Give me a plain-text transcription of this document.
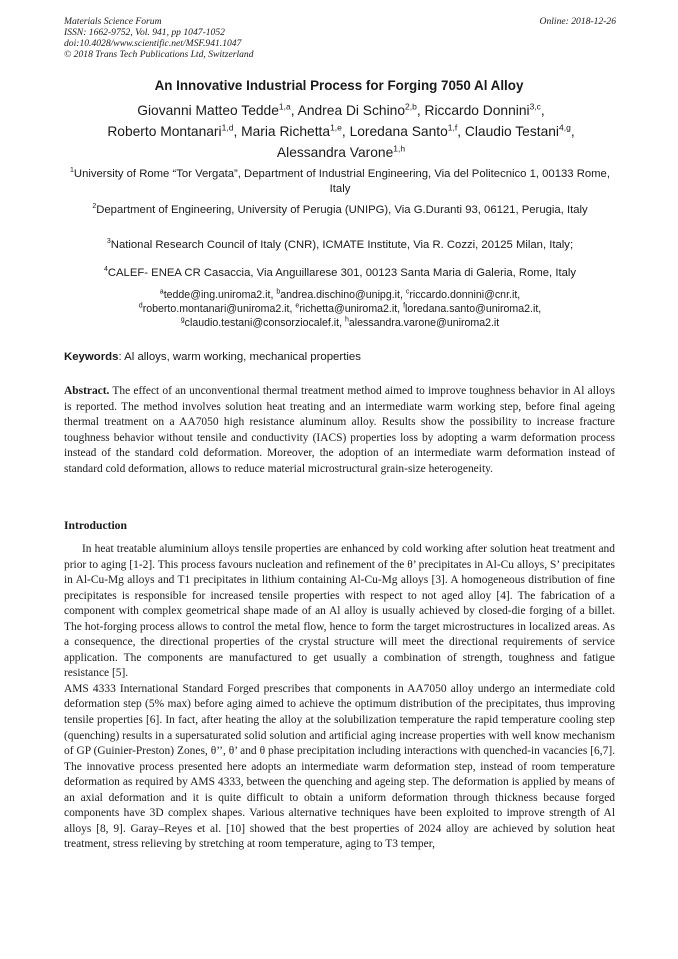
Materials Science Forum
ISSN: 1662-9752, Vol. 941, pp 1047-1052
doi:10.4028/www.scientific.net/MSF.941.1047
© 2018 Trans Tech Publications Ltd, Switzerland
Online: 2018-12-26
An Innovative Industrial Process for Forging 7050 Al Alloy
Giovanni Matteo Tedde$^{1,a}$, Andrea Di Schino$^{2,b}$, Riccardo Donnini$^{3,c}$,
Roberto Montanari$^{1,d}$, Maria Richetta$^{1,e}$, Loredana Santo$^{1,f}$, Claudio Testani$^{4,g}$,
Alessandra Varone$^{1,h}$
$^1$University of Rome “Tor Vergata”, Department of Industrial Engineering, Via del Politecnico 1, 00133 Rome, Italy
$^2$Department of Engineering, University of Perugia (UNIPG), Via G.Duranti 93, 06121, Perugia, Italy
$^3$National Research Council of Italy (CNR), ICMATE Institute, Via R. Cozzi, 20125 Milan, Italy;
$^4$CALEF- ENEA CR Casaccia, Via Anguillarese 301, 00123 Santa Maria di Galeria, Rome, Italy
$^a$tedde@ing.uniroma2.it, $^b$andrea.dischino@unipg.it, $^c$riccardo.donnini@cnr.it,
$^d$roberto.montanari@uniroma2.it, $^e$richetta@uniroma2.it, $^f$loredana.santo@uniroma2.it,
$^g$claudio.testani@consorziocalef.it, $^h$alessandra.varone@uniroma2.it
Keywords: Al alloys, warm working, mechanical properties

Abstract. The effect of an unconventional thermal treatment method aimed to improve toughness behavior in Al alloys is reported. The method involves solution heat treating and an intermediate warm working step, before final ageing thermal treatment on a AA7050 high resistance aluminum alloy. Results show the possibility to increase fracture toughness behavior without tensile and conductivity (IACS) properties loss by adopting a warm deformation process instead of the standard cold deformation. Moreover, the adoption of an intermediate warm deformation instead of standard cold deformation, allows to reduce material microstructural grain-size heterogeneity.

Introduction

In heat treatable aluminium alloys tensile properties are enhanced by cold working after solution heat treatment and prior to aging [1-2]. This process favours nucleation and refinement of the θ’ precipitates in Al-Cu alloys, S’ precipitates in Al-Cu-Mg alloys and T1 precipitates in lithium containing Al-Cu-Mg alloys [3]. A homogeneous distribution of fine precipitates is responsible for increased tensile properties with respect to not aged alloy [4]. The fabrication of a component with complex geometrical shape made of an Al alloy is usually achieved by closed-die forging of a billet. The hot-forging process allows to control the metal flow, hence to form the target microstructures in localized areas. As a consequence, the directional properties of the crystal structure will meet the directional requirements of service application. The components are manufactured to get usually a combination of strength, toughness and fatigue resistance [5].

AMS 4333 International Standard Forged prescribes that components in AA7050 alloy undergo an intermediate cold deformation step (5% max) before aging aimed to achieve the optimum distribution of the precipitates, thus improving tensile properties [6]. In fact, after heating the alloy at the solubilization temperature the rapid temperature cooling step (quenching) results in a supersaturated solid solution and artificial aging increase properties with well know mechanism of GP (Guinier-Preston) Zones, θ’’, θ’ and θ phase precipitation including interactions with quenched-in vacancies [6,7]. The innovative process presented here adopts an intermediate warm deformation step, instead of room temperature deformation as required by AMS 4333, between the quenching and ageing step. The deformation is applied by means of an axial deformation and it is quite difficult to obtain a uniform deformation through thickness because forged components have 3D complex shapes. Various alternative techniques have been exploited to improve strength of Al alloys [8, 9]. Garay–Reyes et al. [10] showed that the best properties of 2024 alloy are achieved by solution heat treatment, stress relieving by stretching at room temperature, aging to T3 temper,
